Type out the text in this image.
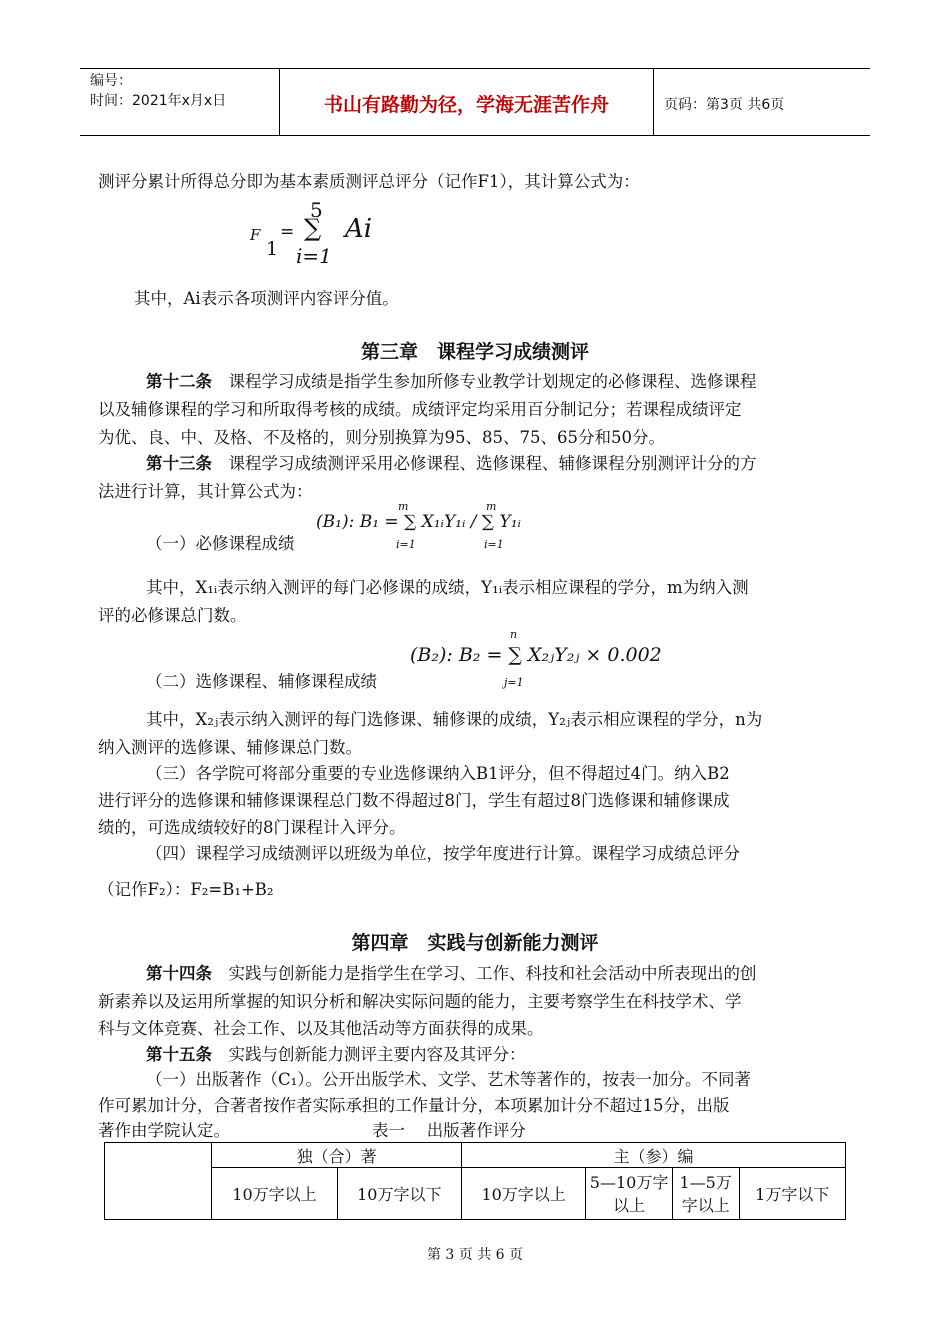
编号：
时间：2021年x月x日	书山有路勤为径，学海无涯苦作舟	页码：第3页 共6页
测评分累计所得总分即为基本素质测评总评分（记作F1），其计算公式为：
F
1
=
5
∑
i=1
Ai
其中，Ai表示各项测评内容评分值。
第三章　课程学习成绩测评
第十二条　课程学习成绩是指学生参加所修专业教学计划规定的必修课程、选修课程
以及辅修课程的学习和所取得考核的成绩。成绩评定均采用百分制记分；若课程成绩评定
为优、良、中、及格、不及格的，则分别换算为95、85、75、65分和50分。
第十三条　课程学习成绩测评采用必修课程、选修课程、辅修课程分别测评计分的方
法进行计算，其计算公式为：
（一）必修课程成绩
m	m
(B₁): B₁ = ∑ X₁ᵢY₁ᵢ / ∑ Y₁ᵢ
i=1	i=1
其中，X₁ᵢ表示纳入测评的每门必修课的成绩，Y₁ᵢ表示相应课程的学分，m为纳入测
评的必修课总门数。
（二）选修课程、辅修课程成绩
n
(B₂): B₂ = ∑ X₂ⱼY₂ⱼ × 0.002
j=1
其中，X₂ⱼ表示纳入测评的每门选修课、辅修课的成绩，Y₂ⱼ表示相应课程的学分，n为
纳入测评的选修课、辅修课总门数。
（三）各学院可将部分重要的专业选修课纳入B1评分，但不得超过4门。纳入B2
进行评分的选修课和辅修课课程总门数不得超过8门，学生有超过8门选修课和辅修课成
绩的，可选成绩较好的8门课程计入评分。
（四）课程学习成绩测评以班级为单位，按学年度进行计算。课程学习成绩总评分
（记作F₂）：F₂=B₁+B₂
第四章　实践与创新能力测评
第十四条　实践与创新能力是指学生在学习、工作、科技和社会活动中所表现出的创
新素养以及运用所掌握的知识分析和解决实际问题的能力，主要考察学生在科技学术、学
科与文体竞赛、社会工作、以及其他活动等方面获得的成果。
第十五条　实践与创新能力测评主要内容及其评分：
（一）出版著作（C₁）。公开出版学术、文学、艺术等著作的，按表一加分。不同著
作可累加计分，合著者按作者实际承担的工作量计分，本项累加计分不超过15分，出版
著作由学院认定。	表一　 出版著作评分
	独（合）著		主（参）编			
	10万字以上	10万字以下	10万字以上	5—10万字以上	1—5万字以上	1万字以下
第 3 页 共 6 页
